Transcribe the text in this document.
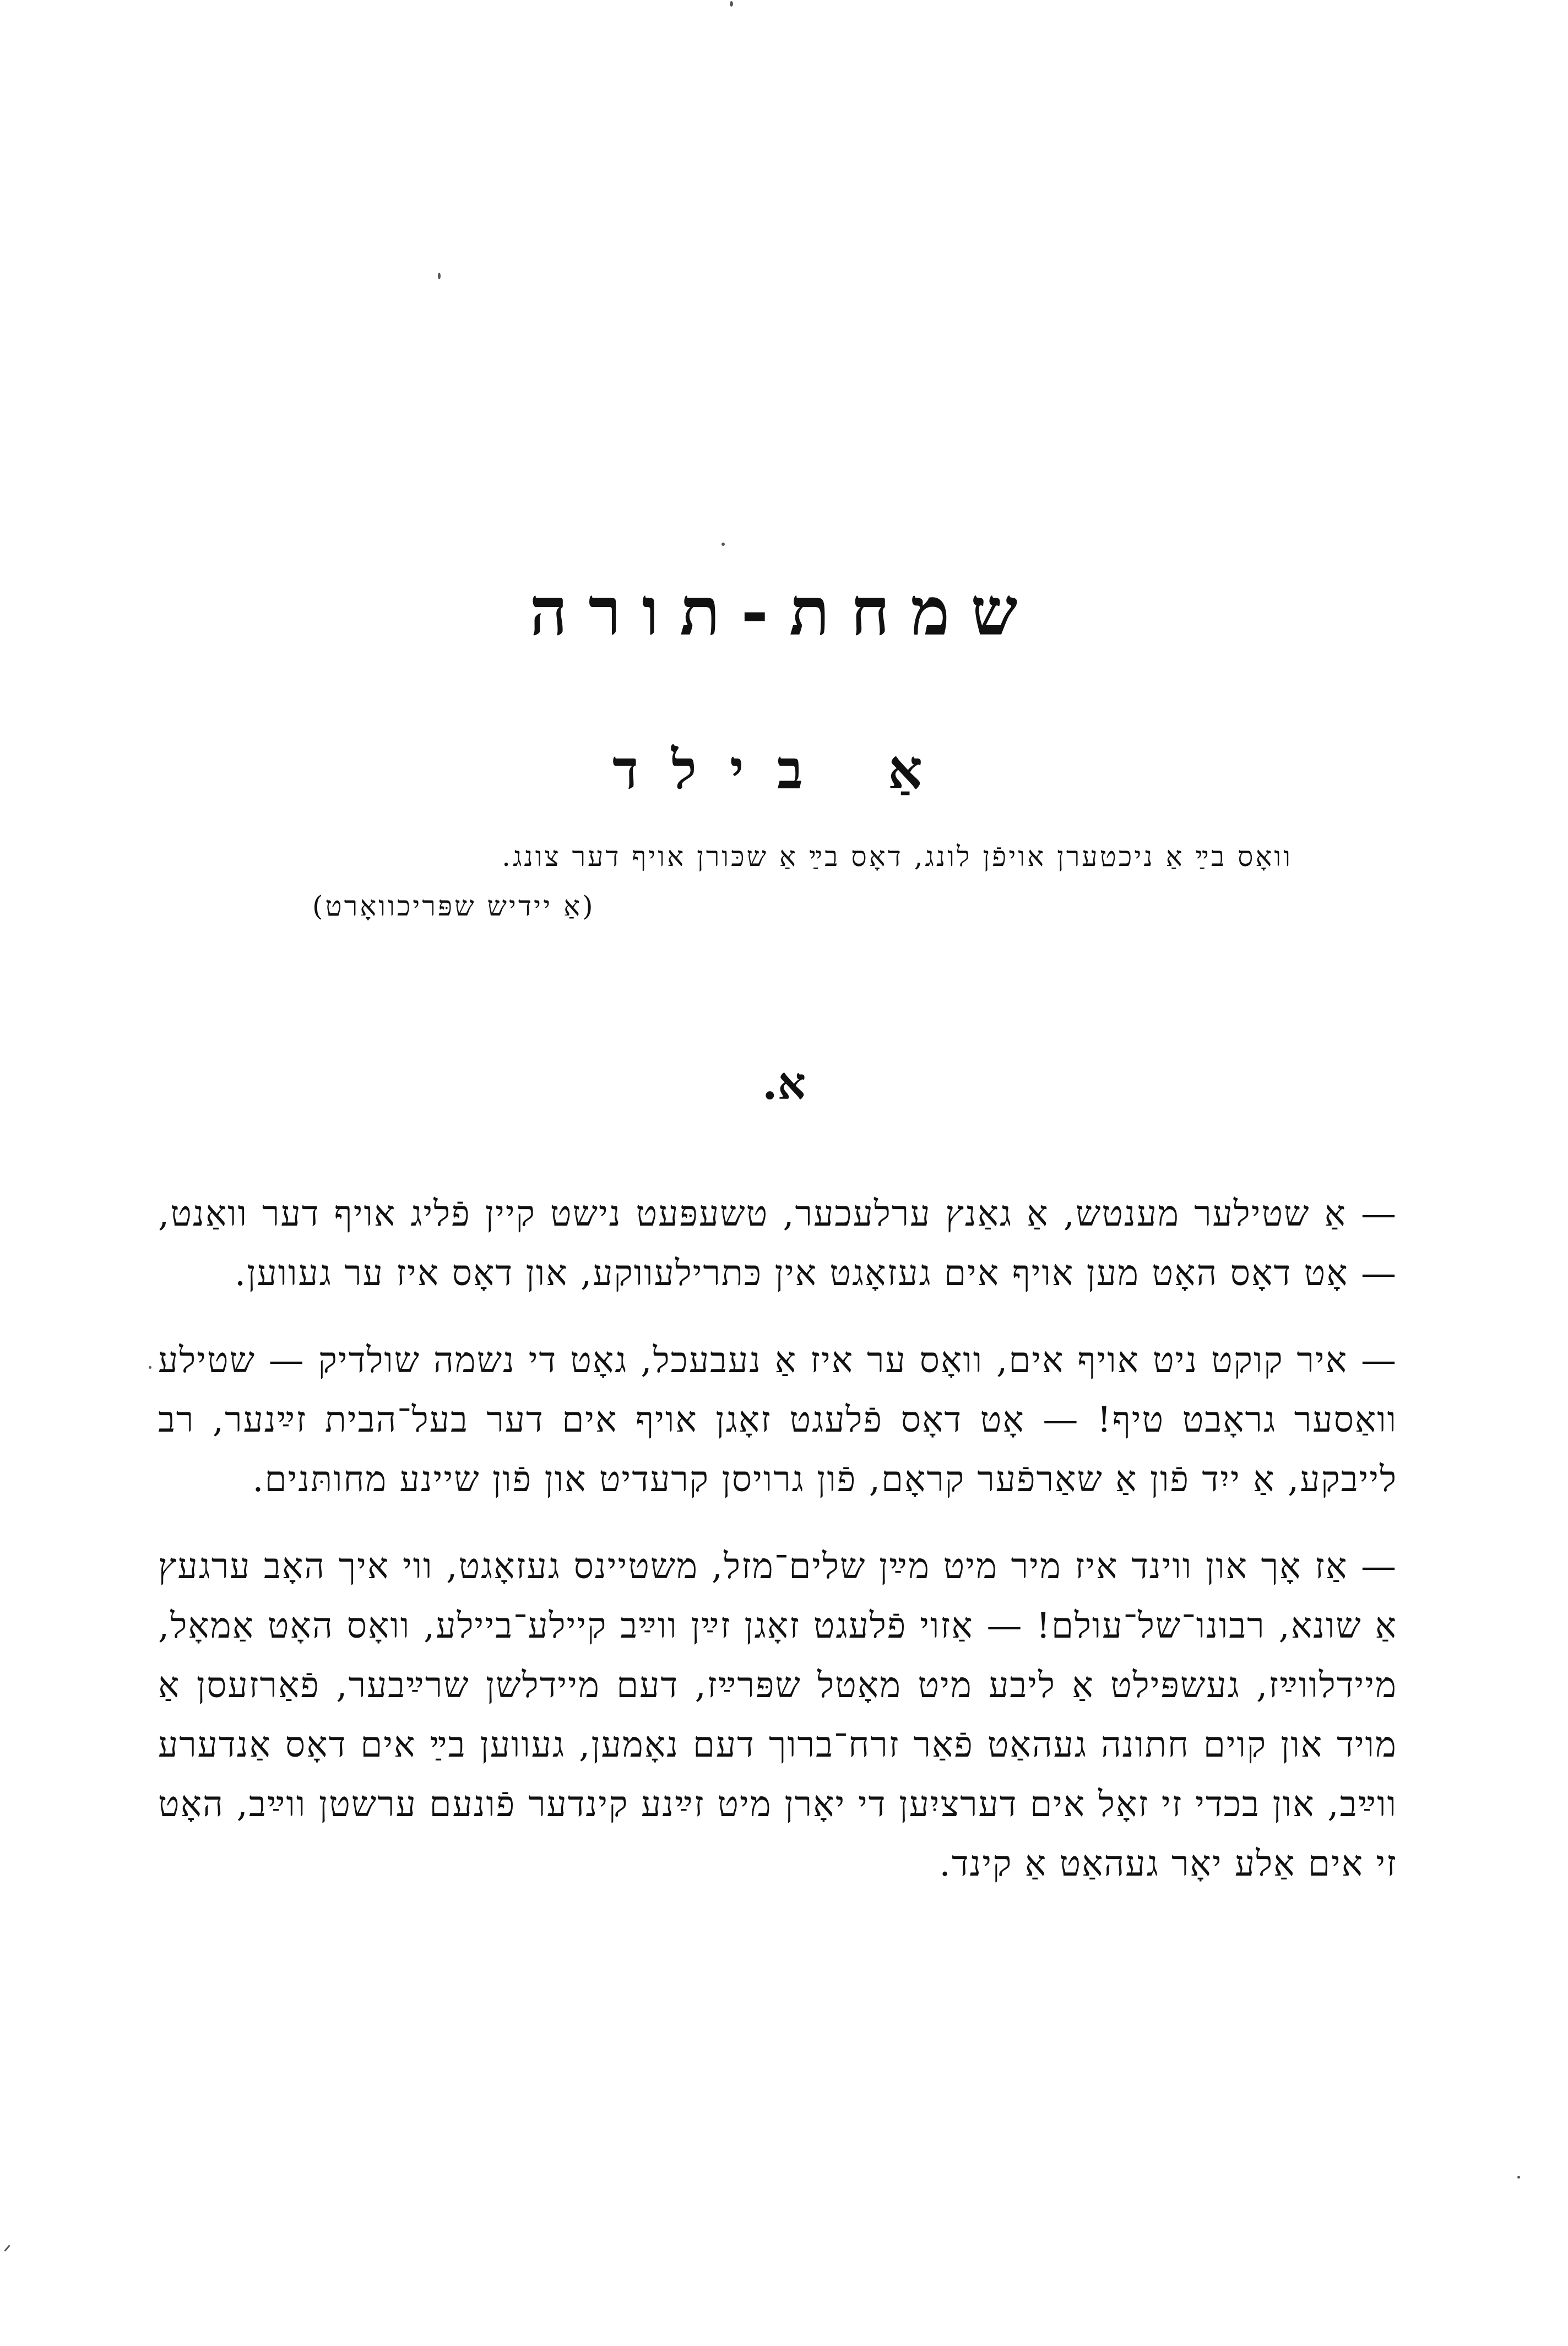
שמחת-תורה
אַ בילד
וואָס בײַ אַ ניכטערן אויפֿן לונג, דאָס בײַ אַ שכּורן אויף דער צונג.
(אַ יידיש שפּריכוואָרט)
א.

— אַ שטילער מענטש, אַ גאַנץ ערלעכער, טשעפּעט נישט קיין פֿליג אויף דער וואַנט, — אָט דאָס האָט מען אויף אים געזאָגט אין כּתרילעווקע, און דאָס איז ער געווען.

— איר קוקט ניט אויף אים, וואָס ער איז אַ נעבעכל, גאָט די נשמה שולדיק — שטילע וואַסער גראָבט טיף! — אָט דאָס פֿלעגט זאָגן אויף אים דער בעל־הבית זײַנער, רב לייבקע, אַ ייִד פֿון אַ שאַרפֿער קראָם, פֿון גרויסן קרעדיט און פֿון שיינע מחותּנים.

— אַז אָך און ווינד איז מיר מיט מײַן שלים־מזל, משטיינס געזאָגט, ווי איך האָב ערגעץ אַ שונא, רבונו־של־עולם! — אַזוי פֿלעגט זאָגן זײַן ווײַב קיילע־ביילע, וואָס האָט אַמאָל, מיידלווײַז, געשפּילט אַ ליבע מיט מאָטל שפּרײַז, דעם מיידלשן שרײַבער, פֿאַרזעסן אַ מויד און קוים חתונה געהאַט פֿאַר זרח־ברוך דעם נאָמען, געווען בײַ אים דאָס אַנדערע ווײַב, און בכדי זי זאָל אים דערציִען די יאָרן מיט זײַנע קינדער פֿונעם ערשטן ווײַב, האָט זי אים אַלע יאָר געהאַט אַ קינד.
